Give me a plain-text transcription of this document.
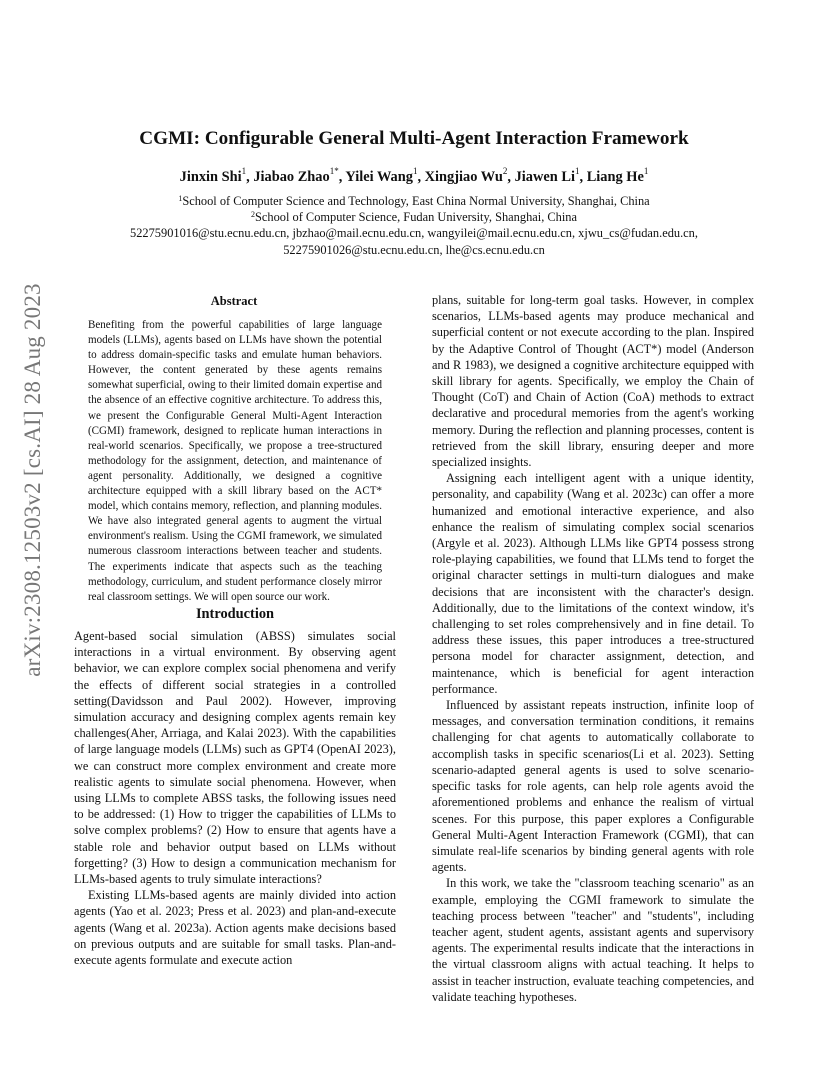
arXiv:2308.12503v2 [cs.AI] 28 Aug 2023
CGMI: Configurable General Multi-Agent Interaction Framework
Jinxin Shi$^1$, Jiabao Zhao$^{1*}$, Yilei Wang$^1$, Xingjiao Wu$^2$, Jiawen Li$^1$, Liang He$^1$
$^1$School of Computer Science and Technology, East China Normal University, Shanghai, China
$^2$School of Computer Science, Fudan University, Shanghai, China
52275901016@stu.ecnu.edu.cn, jbzhao@mail.ecnu.edu.cn, wangyilei@mail.ecnu.edu.cn, xjwu_cs@fudan.edu.cn,
52275901026@stu.ecnu.edu.cn, lhe@cs.ecnu.edu.cn
Abstract
Benefiting from the powerful capabilities of large language models (LLMs), agents based on LLMs have shown the potential to address domain-specific tasks and emulate human behaviors. However, the content generated by these agents remains somewhat superficial, owing to their limited domain expertise and the absence of an effective cognitive architecture. To address this, we present the Configurable General Multi-Agent Interaction (CGMI) framework, designed to replicate human interactions in real-world scenarios. Specifically, we propose a tree-structured methodology for the assignment, detection, and maintenance of agent personality. Additionally, we designed a cognitive architecture equipped with a skill library based on the ACT* model, which contains memory, reflection, and planning modules. We have also integrated general agents to augment the virtual environment's realism. Using the CGMI framework, we simulated numerous classroom interactions between teacher and students. The experiments indicate that aspects such as the teaching methodology, curriculum, and student performance closely mirror real classroom settings. We will open source our work.
Introduction

Agent-based social simulation (ABSS) simulates social interactions in a virtual environment. By observing agent behavior, we can explore complex social phenomena and verify the effects of different social strategies in a controlled setting(Davidsson and Paul 2002). However, improving simulation accuracy and designing complex agents remain key challenges(Aher, Arriaga, and Kalai 2023). With the capabilities of large language models (LLMs) such as GPT4 (OpenAI 2023), we can construct more complex environment and create more realistic agents to simulate social phenomena. However, when using LLMs to complete ABSS tasks, the following issues need to be addressed: (1) How to trigger the capabilities of LLMs to solve complex problems? (2) How to ensure that agents have a stable role and behavior output based on LLMs without forgetting? (3) How to design a communication mechanism for LLMs-based agents to truly simulate interactions?

Existing LLMs-based agents are mainly divided into action agents (Yao et al. 2023; Press et al. 2023) and plan-and-execute agents (Wang et al. 2023a). Action agents make decisions based on previous outputs and are suitable for small tasks. Plan-and-execute agents formulate and execute action

plans, suitable for long-term goal tasks. However, in complex scenarios, LLMs-based agents may produce mechanical and superficial content or not execute according to the plan. Inspired by the Adaptive Control of Thought (ACT*) model (Anderson and R 1983), we designed a cognitive architecture equipped with skill library for agents. Specifically, we employ the Chain of Thought (CoT) and Chain of Action (CoA) methods to extract declarative and procedural memories from the agent's working memory. During the reflection and planning processes, content is retrieved from the skill library, ensuring deeper and more specialized insights.

Assigning each intelligent agent with a unique identity, personality, and capability (Wang et al. 2023c) can offer a more humanized and emotional interactive experience, and also enhance the realism of simulating complex social scenarios (Argyle et al. 2023). Although LLMs like GPT4 possess strong role-playing capabilities, we found that LLMs tend to forget the original character settings in multi-turn dialogues and make decisions that are inconsistent with the character's design. Additionally, due to the limitations of the context window, it's challenging to set roles comprehensively and in fine detail. To address these issues, this paper introduces a tree-structured persona model for character assignment, detection, and maintenance, which is beneficial for agent interaction performance.

Influenced by assistant repeats instruction, infinite loop of messages, and conversation termination conditions, it remains challenging for chat agents to automatically collaborate to accomplish tasks in specific scenarios(Li et al. 2023). Setting scenario-adapted general agents is used to solve scenario-specific tasks for role agents, can help role agents avoid the aforementioned problems and enhance the realism of virtual scenes. For this purpose, this paper explores a Configurable General Multi-Agent Interaction Framework (CGMI), that can simulate real-life scenarios by binding general agents with role agents.

In this work, we take the "classroom teaching scenario" as an example, employing the CGMI framework to simulate the teaching process between "teacher" and "students", including teacher agent, student agents, assistant agents and supervisory agents. The experimental results indicate that the interactions in the virtual classroom aligns with actual teaching. It helps to assist in teacher instruction, evaluate teaching competencies, and validate teaching hypotheses.
